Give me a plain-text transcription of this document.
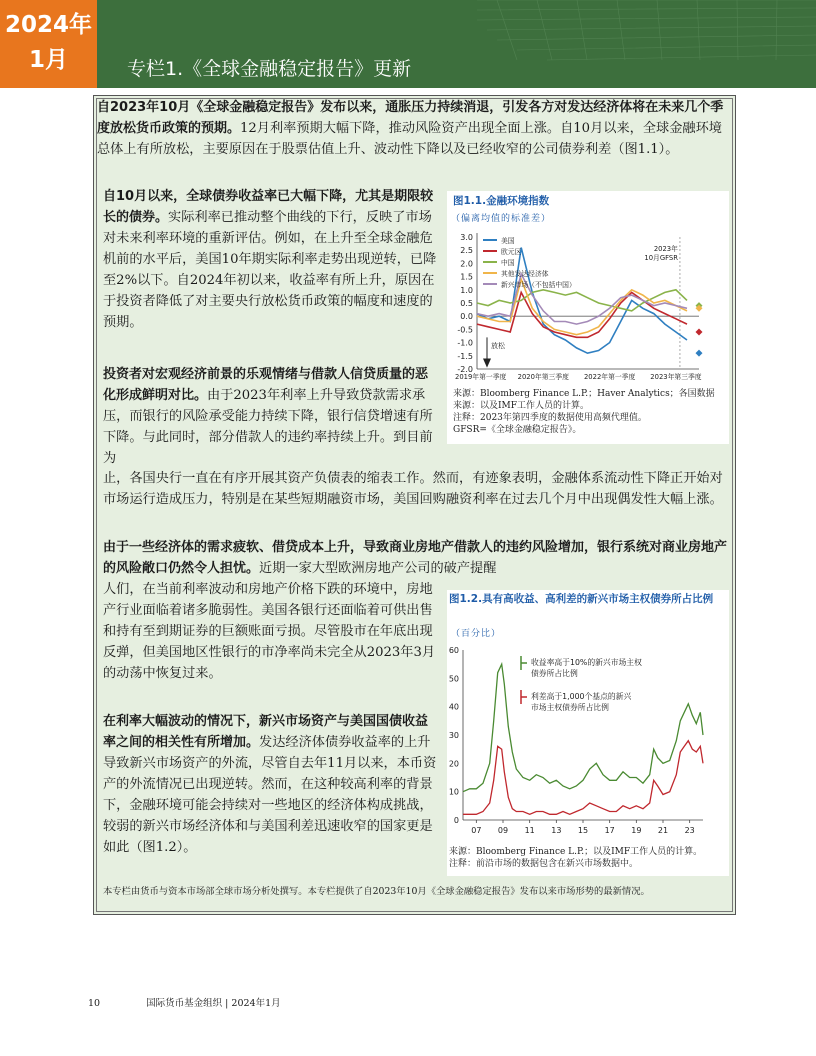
2024年
1月	专栏1.《全球金融稳定报告》更新
自2023年10月《全球金融稳定报告》发布以来，通胀压力持续消退，引发各方对发达经济体将在未来几个季度放松货币政策的预期。12月利率预期大幅下降，推动风险资产出现全面上涨。自10月以来，全球金融环境总体上有所放松，主要原因在于股票估值上升、波动性下降以及已经收窄的公司债券利差（图1.1）。
自10月以来，全球债券收益率已大幅下降，尤其是期限较长的债券。实际利率已推动整个曲线的下行，反映了市场对未来利率环境的重新评估。例如，在上升至全球金融危机前的水平后，美国10年期实际利率走势出现逆转，已降至2%以下。自2024年初以来，收益率有所上升，原因在于投资者降低了对主要央行放松货币政策的幅度和速度的预期。
投资者对宏观经济前景的乐观情绪与借款人信贷质量的恶化形成鲜明对比。由于2023年利率上升导致贷款需求承压，而银行的风险承受能力持续下降，银行信贷增速有所下降。与此同时，部分借款人的违约率持续上升。到目前为
止，各国央行一直在有序开展其资产负债表的缩表工作。然而，有迹象表明，金融体系流动性下降正开始对市场运行造成压力，特别是在某些短期融资市场，美国回购融资利率在过去几个月中出现偶发性大幅上涨。
由于一些经济体的需求疲软、借贷成本上升，导致商业房地产借款人的违约风险增加，银行系统对商业房地产的风险敞口仍然令人担忧。近期一家大型欧洲房地产公司的破产提醒
人们，在当前利率波动和房地产价格下跌的环境中，房地产行业面临着诸多脆弱性。美国各银行还面临着可供出售和持有至到期证券的巨额账面亏损。尽管股市在年底出现反弹，但美国地区性银行的市净率尚未完全从2023年3月的动荡中恢复过来。
在利率大幅波动的情况下，新兴市场资产与美国国债收益率之间的相关性有所增加。发达经济体债券收益率的上升导致新兴市场资产的外流，尽管自去年11月以来，本币资产的外流情况已出现逆转。然而，在这种较高利率的背景下，金融环境可能会持续对一些地区的经济体构成挑战，较弱的新兴市场经济体和与美国利差迅速收窄的国家更是如此（图1.2）。
图1.1.金融环境指数
（偏离均值的标准差）
3.0
2.5
2.0
1.5
1.0
0.5
0.0
-0.5
-1.0
-1.5
-2.0
2019年第一季度 2020年第三季度 2022年第一季度 2023年第三季度
2023年
10月GFSR
放松
美国
欧元区
中国
其他发达经济体
新兴市场（不包括中国）
来源：Bloomberg Finance L.P.；Haver Analytics；各国数据
来源：以及IMF工作人员的计算。
注释：2023年第四季度的数据使用高频代理值。
GFSR=《全球金融稳定报告》。
图1.2.具有高收益、高利差的新兴市场主权债券所占比例
（百分比）
60
50
40
30
20
10
0
07 09 11 13 15 17 19 21 23
收益率高于10%的新兴市场主权
债券所占比例
利差高于1,000个基点的新兴
市场主权债券所占比例
来源：Bloomberg Finance L.P.；以及IMF工作人员的计算。
注释：前沿市场的数据包含在新兴市场数据中。
本专栏由货币与资本市场部全球市场分析处撰写。本专栏提供了自2023年10月《全球金融稳定报告》发布以来市场形势的最新情况。
10	国际货币基金组织 | 2024年1月
